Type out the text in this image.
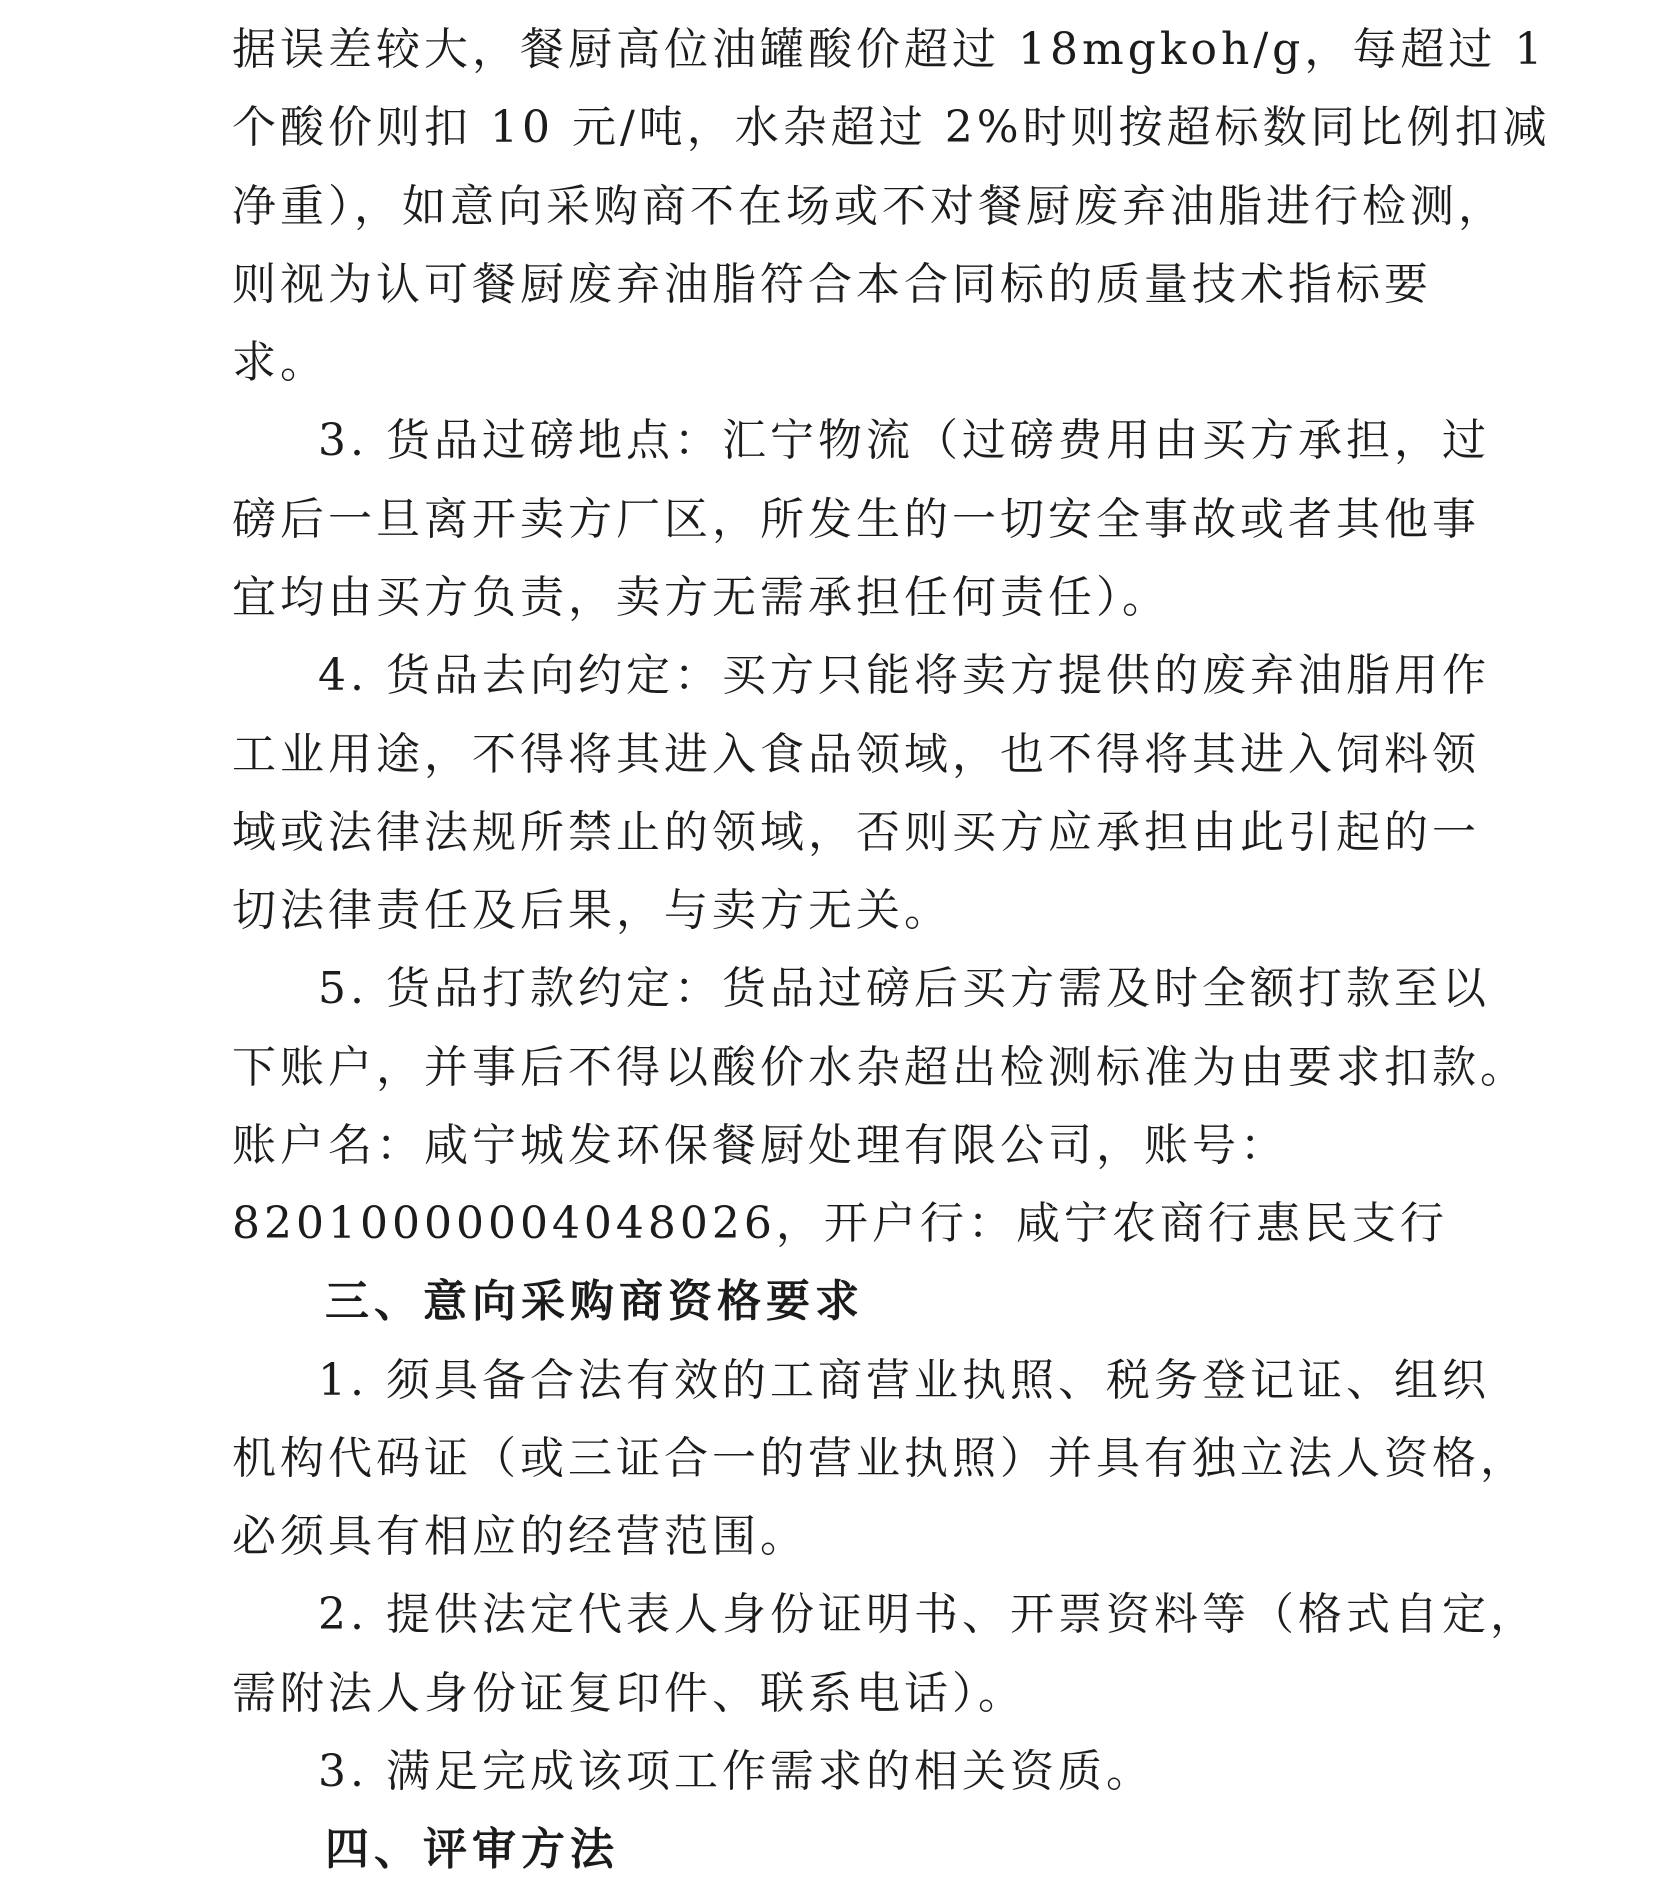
据误差较大，餐厨高位油罐酸价超过 18mgkoh/g，每超过 1
个酸价则扣 10 元/吨，水杂超过 2%时则按超标数同比例扣减
净重），如意向采购商不在场或不对餐厨废弃油脂进行检测，
则视为认可餐厨废弃油脂符合本合同标的质量技术指标要
求。
3. 货品过磅地点：汇宁物流（过磅费用由买方承担，过
磅后一旦离开卖方厂区，所发生的一切安全事故或者其他事
宜均由买方负责，卖方无需承担任何责任）。
4. 货品去向约定：买方只能将卖方提供的废弃油脂用作
工业用途，不得将其进入食品领域，也不得将其进入饲料领
域或法律法规所禁止的领域，否则买方应承担由此引起的一
切法律责任及后果，与卖方无关。
5. 货品打款约定：货品过磅后买方需及时全额打款至以
下账户，并事后不得以酸价水杂超出检测标准为由要求扣款。
账户名：咸宁城发环保餐厨处理有限公司，账号：
82010000004048026，开户行：咸宁农商行惠民支行
三、意向采购商资格要求
1. 须具备合法有效的工商营业执照、税务登记证、组织
机构代码证（或三证合一的营业执照）并具有独立法人资格，
必须具有相应的经营范围。
2. 提供法定代表人身份证明书、开票资料等（格式自定，
需附法人身份证复印件、联系电话）。
3. 满足完成该项工作需求的相关资质。
四、评审方法
